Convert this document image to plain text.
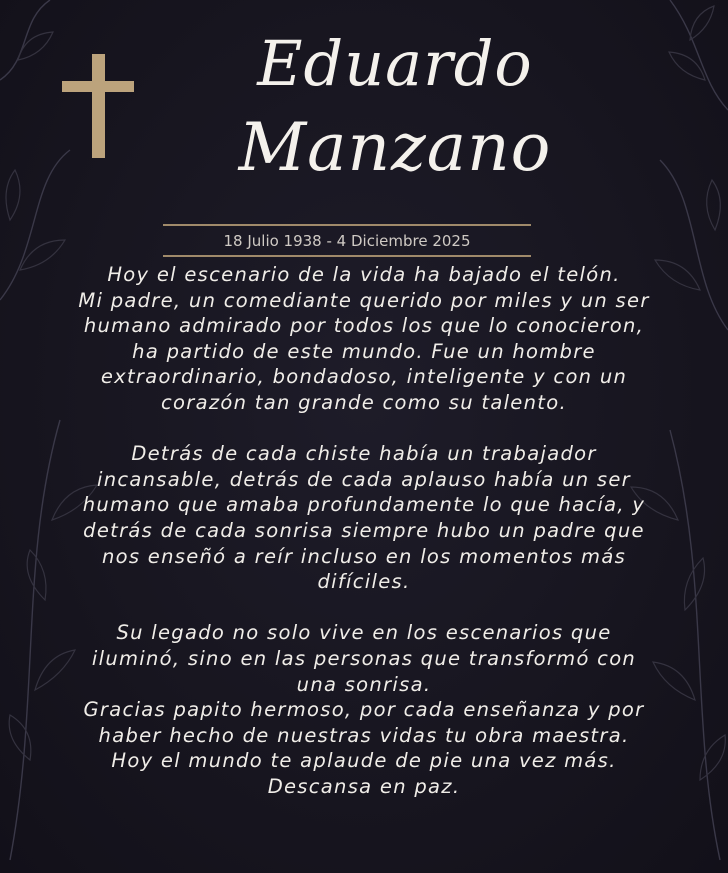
Eduardo
Manzano
18 Julio 1938 - 4 Diciembre 2025

Hoy el escenario de la vida ha bajado el telón.
Mi padre, un comediante querido por miles y un ser
humano admirado por todos los que lo conocieron,
ha partido de este mundo. Fue un hombre
extraordinario, bondadoso, inteligente y con un
corazón tan grande como su talento.

Detrás de cada chiste había un trabajador
incansable, detrás de cada aplauso había un ser
humano que amaba profundamente lo que hacía, y
detrás de cada sonrisa siempre hubo un padre que
nos enseñó a reír incluso en los momentos más
difíciles.

Su legado no solo vive en los escenarios que
iluminó, sino en las personas que transformó con
una sonrisa.
Gracias papito hermoso, por cada enseñanza y por
haber hecho de nuestras vidas tu obra maestra.
Hoy el mundo te aplaude de pie una vez más.
Descansa en paz.
